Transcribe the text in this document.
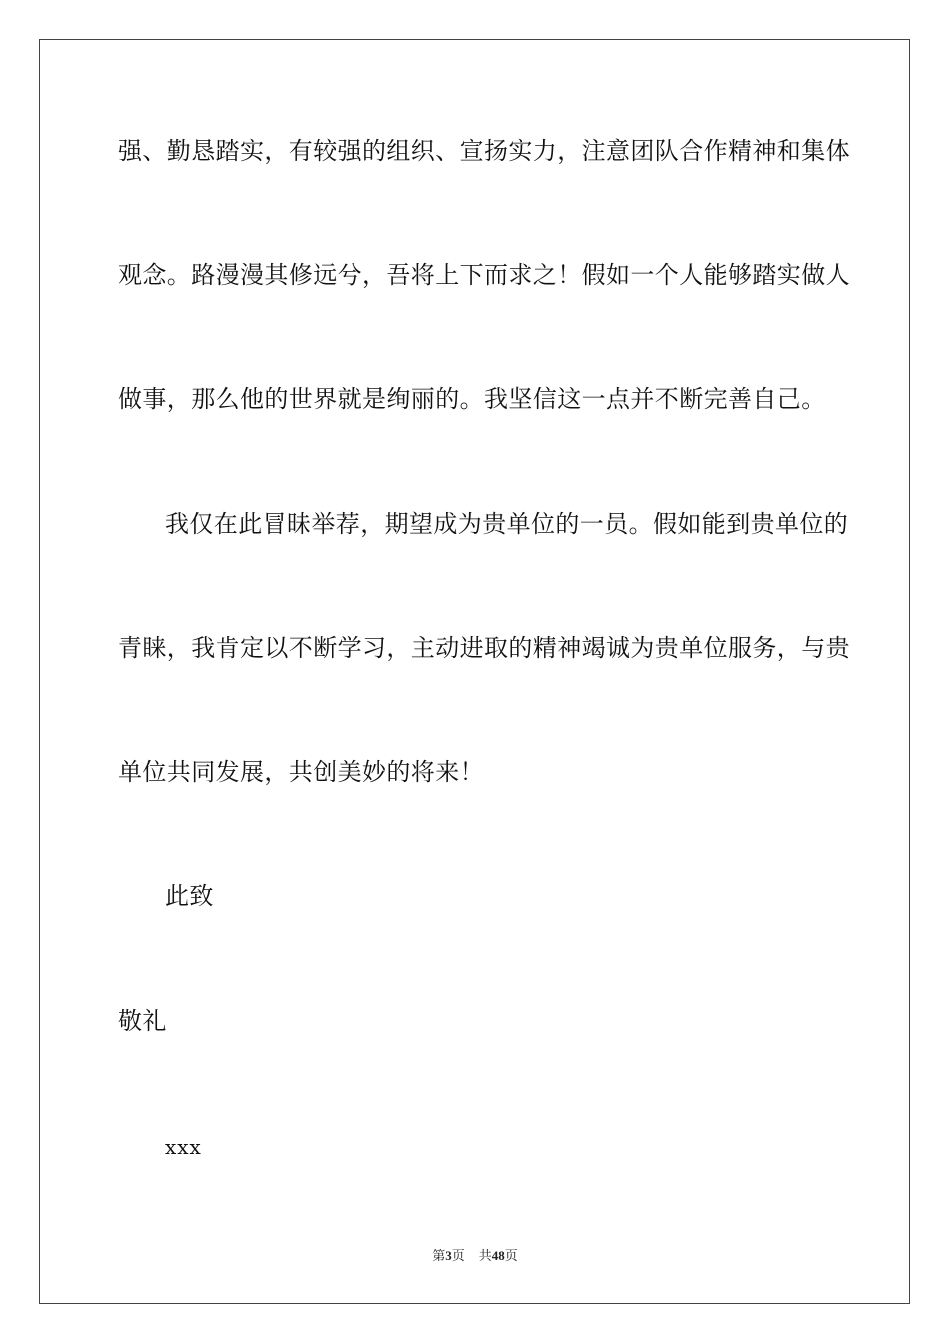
强、勤恳踏实，有较强的组织、宣扬实力，注意团队合作精神和集体
观念。路漫漫其修远兮，吾将上下而求之！假如一个人能够踏实做人
做事，那么他的世界就是绚丽的。我坚信这一点并不断完善自己。
我仅在此冒昧举荐，期望成为贵单位的一员。假如能到贵单位的
青睐，我肯定以不断学习，主动进取的精神竭诚为贵单位服务，与贵
单位共同发展，共创美妙的将来！
此致
敬礼
xxx
第3页 共48页
